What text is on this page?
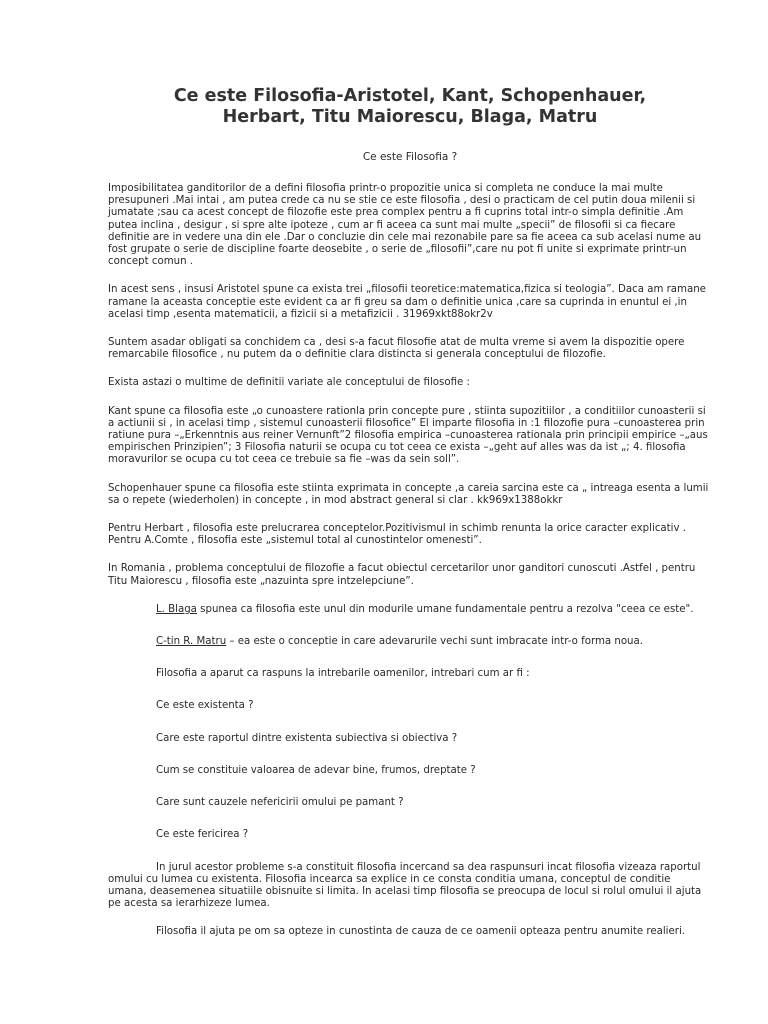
Ce este Filosofia-Aristotel, Kant, Schopenhauer, Herbart, Titu Maiorescu, Blaga, Matru
Ce este Filosofia ?

Imposibilitatea ganditorilor de a defini filosofia printr-o propozitie unica si completa ne conduce la mai multe presupuneri .Mai intai , am putea crede ca nu se stie ce este filosofia , desi o practicam de cel putin doua milenii si jumatate ;sau ca acest concept de filozofie este prea complex pentru a fi cuprins total intr-o simpla definitie .Am putea inclina , desigur , si spre alte ipoteze , cum ar fi aceea ca sunt mai multe „specii” de filosofii si ca fiecare definitie are in vedere una din ele .Dar o concluzie din cele mai rezonabile pare sa fie aceea ca sub acelasi nume au fost grupate o serie de discipline foarte deosebite , o serie de „filosofii”,care nu pot fi unite si exprimate printr-un concept comun .

In acest sens , insusi Aristotel spune ca exista trei „filosofii teoretice:matematica,fizica si teologia”. Daca am ramane ramane la aceasta conceptie este evident ca ar fi greu sa dam o definitie unica ,care sa cuprinda in enuntul ei ,in acelasi timp ,esenta matematicii, a fizicii si a metafizicii . 31969xkt88okr2v

Suntem asadar obligati sa conchidem ca , desi s-a facut filosofie atat de multa vreme si avem la dispozitie opere remarcabile filosofice , nu putem da o definitie clara distincta si generala conceptului de filozofie.

Exista astazi o multime de definitii variate ale conceptului de filosofie :

Kant spune ca filosofia este „o cunoastere rationla prin concepte pure , stiinta supozitiilor , a conditiilor cunoasterii si a actiunii si , in acelasi timp , sistemul cunoasterii filosofice” El imparte filosofia in :1 filozofie pura –cunoasterea prin ratiune pura –„Erkenntnis aus reiner Vernunft”2 filosofia empirica –cunoasterea rationala prin principii empirice –„aus empirischen Prinzipien”; 3 Filosofia naturii se ocupa cu tot ceea ce exista –„geht auf alles was da ist „; 4. filosofia moravurilor se ocupa cu tot ceea ce trebuie sa fie –was da sein soll”.

Schopenhauer spune ca filosofia este stiinta exprimata in concepte ,a careia sarcina este ca „ intreaga esenta a lumii sa o repete (wiederholen) in concepte , in mod abstract general si clar . kk969x1388okkr

Pentru Herbart , filosofia este prelucrarea conceptelor.Pozitivismul in schimb renunta la orice caracter explicativ . Pentru A.Comte , filosofia este „sistemul total al cunostintelor omenesti”.

In Romania , problema conceptului de filozofie a facut obiectul cercetarilor unor ganditori cunoscuti .Astfel , pentru Titu Maiorescu , filosofia este „nazuinta spre intzelepciune”.

L. Blaga spunea ca filosofia este unul din modurile umane fundamentale pentru a rezolva "ceea ce este".

C-tin R. Matru – ea este o conceptie in care adevarurile vechi sunt imbracate intr-o forma noua.

Filosofia a aparut ca raspuns la intrebarile oamenilor, intrebari cum ar fi :

Ce este existenta ?

Care este raportul dintre existenta subiectiva si obiectiva ?

Cum se constituie valoarea de adevar bine, frumos, dreptate ?

Care sunt cauzele nefericirii omului pe pamant ?

Ce este fericirea ?

In jurul acestor probleme s-a constituit filosofia incercand sa dea raspunsuri incat filosofia vizeaza raportul omului cu lumea cu existenta. Filosofia incearca sa explice in ce consta conditia umana, conceptul de conditie umana, deasemenea situatiile obisnuite si limita. In acelasi timp filosofia se preocupa de locul si rolul omului il ajuta pe acesta sa ierarhizeze lumea.

Filosofia il ajuta pe om sa opteze in cunostinta de cauza de ce oamenii opteaza pentru anumite realieri.
